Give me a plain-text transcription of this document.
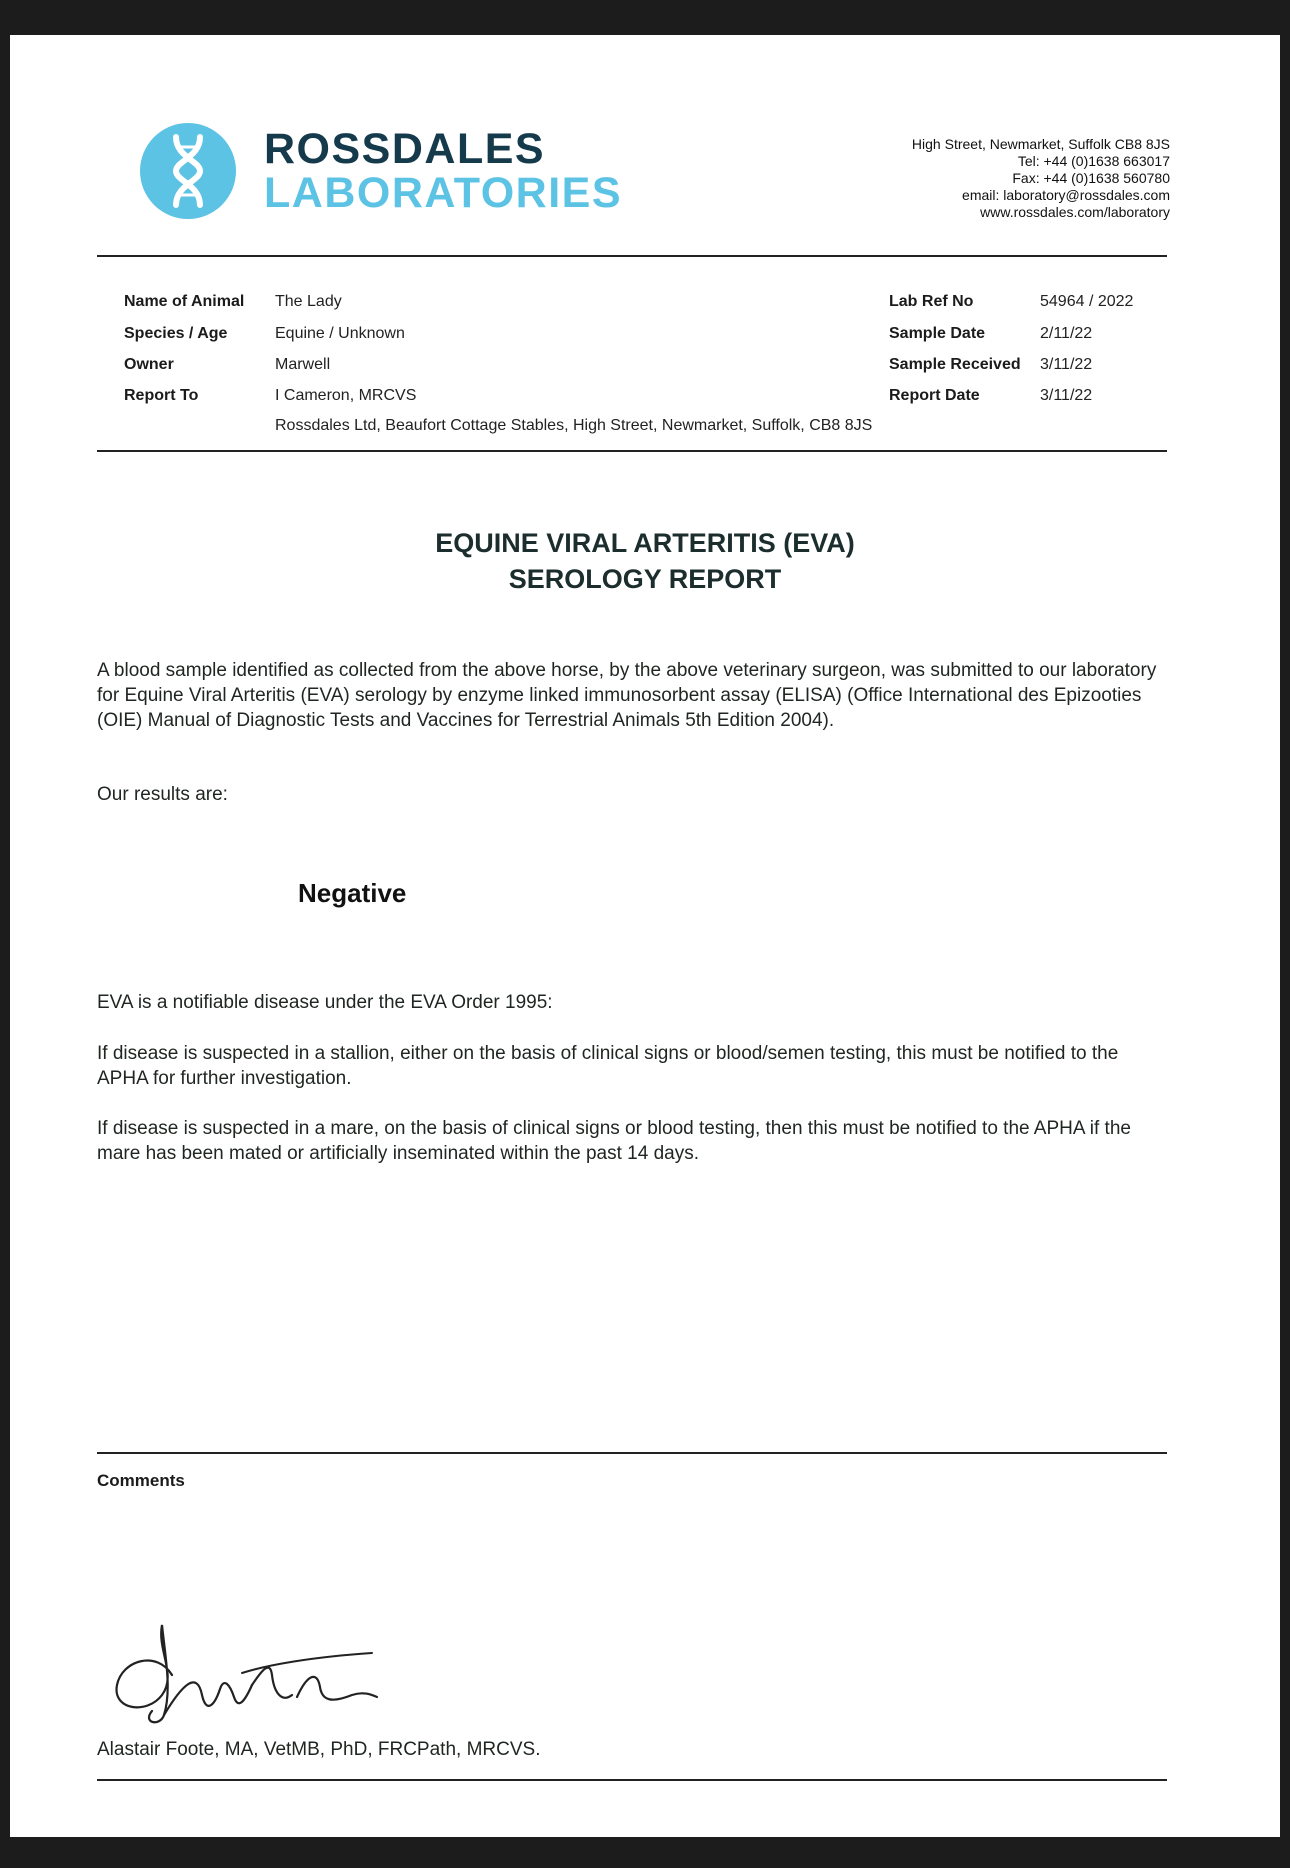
ROSSDALES
LABORATORIES
High Street, Newmarket, Suffolk CB8 8JS
Tel: +44 (0)1638 663017
Fax: +44 (0)1638 560780
email: laboratory@rossdales.com
www.rossdales.com/laboratory
Name of Animal The Lady
Species / Age	Equine / Unknown
Owner	Marwell
Report To	I Cameron, MRCVS
Rossdales Ltd, Beaufort Cottage Stables, High Street, Newmarket, Suffolk, CB8 8JS
Lab Ref No	54964 / 2022
Sample Date	2/11/22
Sample Received 3/11/22
Report Date	3/11/22
EQUINE VIRAL ARTERITIS (EVA)
SEROLOGY REPORT
A blood sample identified as collected from the above horse, by the above veterinary surgeon, was submitted to our laboratory for Equine Viral Arteritis (EVA) serology by enzyme linked immunosorbent assay (ELISA) (Office International des Epizooties (OIE) Manual of Diagnostic Tests and Vaccines for Terrestrial Animals 5th Edition 2004).
Our results are:
Negative
EVA is a notifiable disease under the EVA Order 1995:
If disease is suspected in a stallion, either on the basis of clinical signs or blood/semen testing, this must be notified to the APHA for further investigation.
If disease is suspected in a mare, on the basis of clinical signs or blood testing, then this must be notified to the APHA if the mare has been mated or artificially inseminated within the past 14 days.
Comments
Alastair Foote, MA, VetMB, PhD, FRCPath, MRCVS.
